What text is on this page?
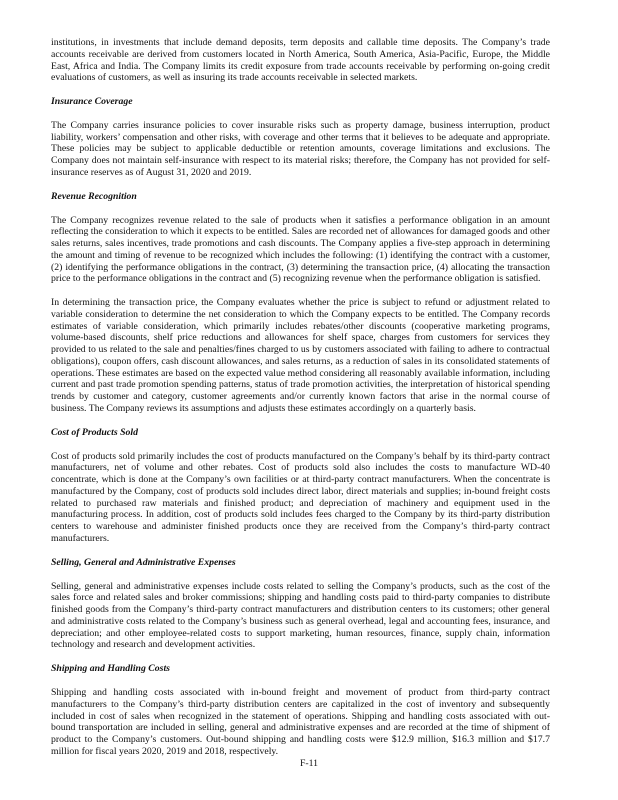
institutions, in investments that include demand deposits, term deposits and callable time deposits. The Company’s trade accounts receivable are derived from customers located in North America, South America, Asia-Pacific, Europe, the Middle East, Africa and India. The Company limits its credit exposure from trade accounts receivable by performing on-going credit evaluations of customers, as well as insuring its trade accounts receivable in selected markets.

Insurance Coverage

The Company carries insurance policies to cover insurable risks such as property damage, business interruption, product liability, workers’ compensation and other risks, with coverage and other terms that it believes to be adequate and appropriate. These policies may be subject to applicable deductible or retention amounts, coverage limitations and exclusions. The Company does not maintain self-insurance with respect to its material risks; therefore, the Company has not provided for self-insurance reserves as of August 31, 2020 and 2019.

Revenue Recognition

The Company recognizes revenue related to the sale of products when it satisfies a performance obligation in an amount reflecting the consideration to which it expects to be entitled. Sales are recorded net of allowances for damaged goods and other sales returns, sales incentives, trade promotions and cash discounts. The Company applies a five-step approach in determining the amount and timing of revenue to be recognized which includes the following: (1) identifying the contract with a customer, (2) identifying the performance obligations in the contract, (3) determining the transaction price, (4) allocating the transaction price to the performance obligations in the contract and (5) recognizing revenue when the performance obligation is satisfied.

In determining the transaction price, the Company evaluates whether the price is subject to refund or adjustment related to variable consideration to determine the net consideration to which the Company expects to be entitled. The Company records estimates of variable consideration, which primarily includes rebates/other discounts (cooperative marketing programs, volume-based discounts, shelf price reductions and allowances for shelf space, charges from customers for services they provided to us related to the sale and penalties/fines charged to us by customers associated with failing to adhere to contractual obligations), coupon offers, cash discount allowances, and sales returns, as a reduction of sales in its consolidated statements of operations. These estimates are based on the expected value method considering all reasonably available information, including current and past trade promotion spending patterns, status of trade promotion activities, the interpretation of historical spending trends by customer and category, customer agreements and/or currently known factors that arise in the normal course of business. The Company reviews its assumptions and adjusts these estimates accordingly on a quarterly basis.

Cost of Products Sold

Cost of products sold primarily includes the cost of products manufactured on the Company’s behalf by its third-party contract manufacturers, net of volume and other rebates. Cost of products sold also includes the costs to manufacture WD-40 concentrate, which is done at the Company’s own facilities or at third-party contract manufacturers. When the concentrate is manufactured by the Company, cost of products sold includes direct labor, direct materials and supplies; in-bound freight costs related to purchased raw materials and finished product; and depreciation of machinery and equipment used in the manufacturing process. In addition, cost of products sold includes fees charged to the Company by its third-party distribution centers to warehouse and administer finished products once they are received from the Company’s third-party contract manufacturers.

Selling, General and Administrative Expenses

Selling, general and administrative expenses include costs related to selling the Company’s products, such as the cost of the sales force and related sales and broker commissions; shipping and handling costs paid to third-party companies to distribute finished goods from the Company’s third-party contract manufacturers and distribution centers to its customers; other general and administrative costs related to the Company’s business such as general overhead, legal and accounting fees, insurance, and depreciation; and other employee-related costs to support marketing, human resources, finance, supply chain, information technology and research and development activities.

Shipping and Handling Costs

Shipping and handling costs associated with in-bound freight and movement of product from third-party contract manufacturers to the Company’s third-party distribution centers are capitalized in the cost of inventory and subsequently included in cost of sales when recognized in the statement of operations. Shipping and handling costs associated with out-bound transportation are included in selling, general and administrative expenses and are recorded at the time of shipment of product to the Company’s customers. Out-bound shipping and handling costs were $12.9 million, $16.3 million and $17.7 million for fiscal years 2020, 2019 and 2018, respectively.

F-11
